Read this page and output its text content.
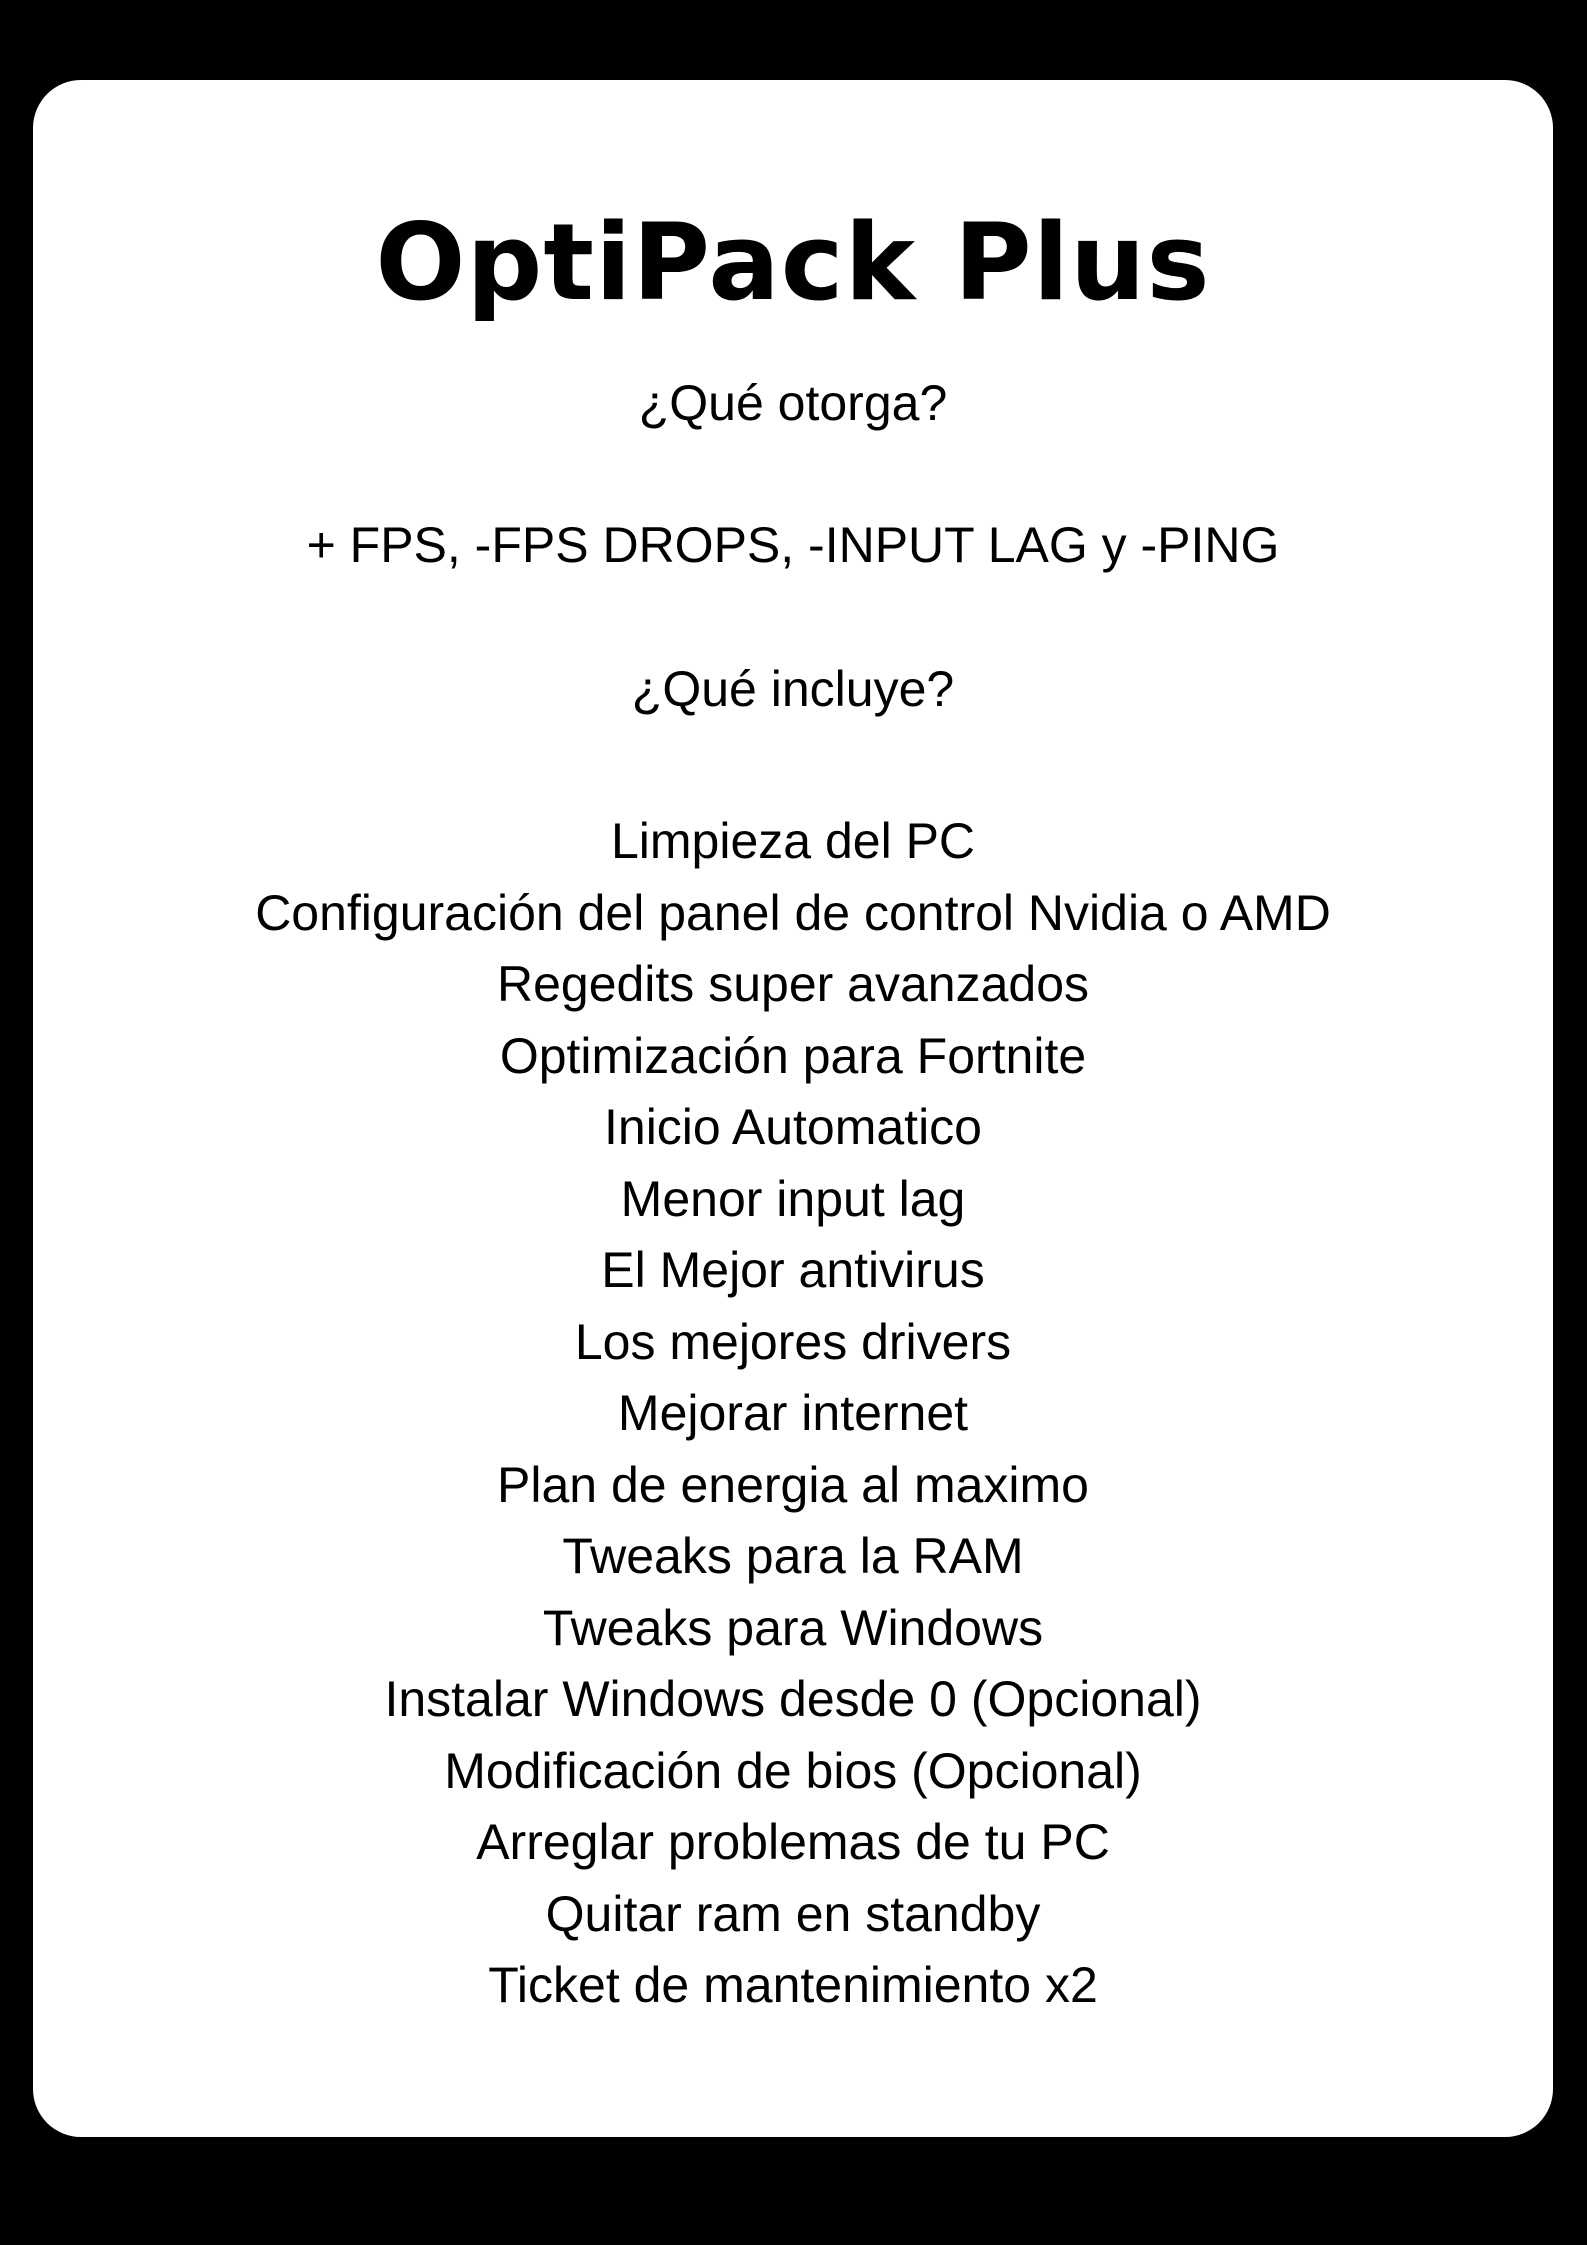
OptiPack Plus

¿Qué otorga?

+ FPS, -FPS DROPS, -INPUT LAG y -PING

¿Qué incluye?

Limpieza del PC
Configuración del panel de control Nvidia o AMD
Regedits super avanzados
Optimización para Fortnite
Inicio Automatico
Menor input lag
El Mejor antivirus
Los mejores drivers
Mejorar internet
Plan de energia al maximo
Tweaks para la RAM
Tweaks para Windows
Instalar Windows desde 0 (Opcional)
Modificación de bios (Opcional)
Arreglar problemas de tu PC
Quitar ram en standby
Ticket de mantenimiento x2
